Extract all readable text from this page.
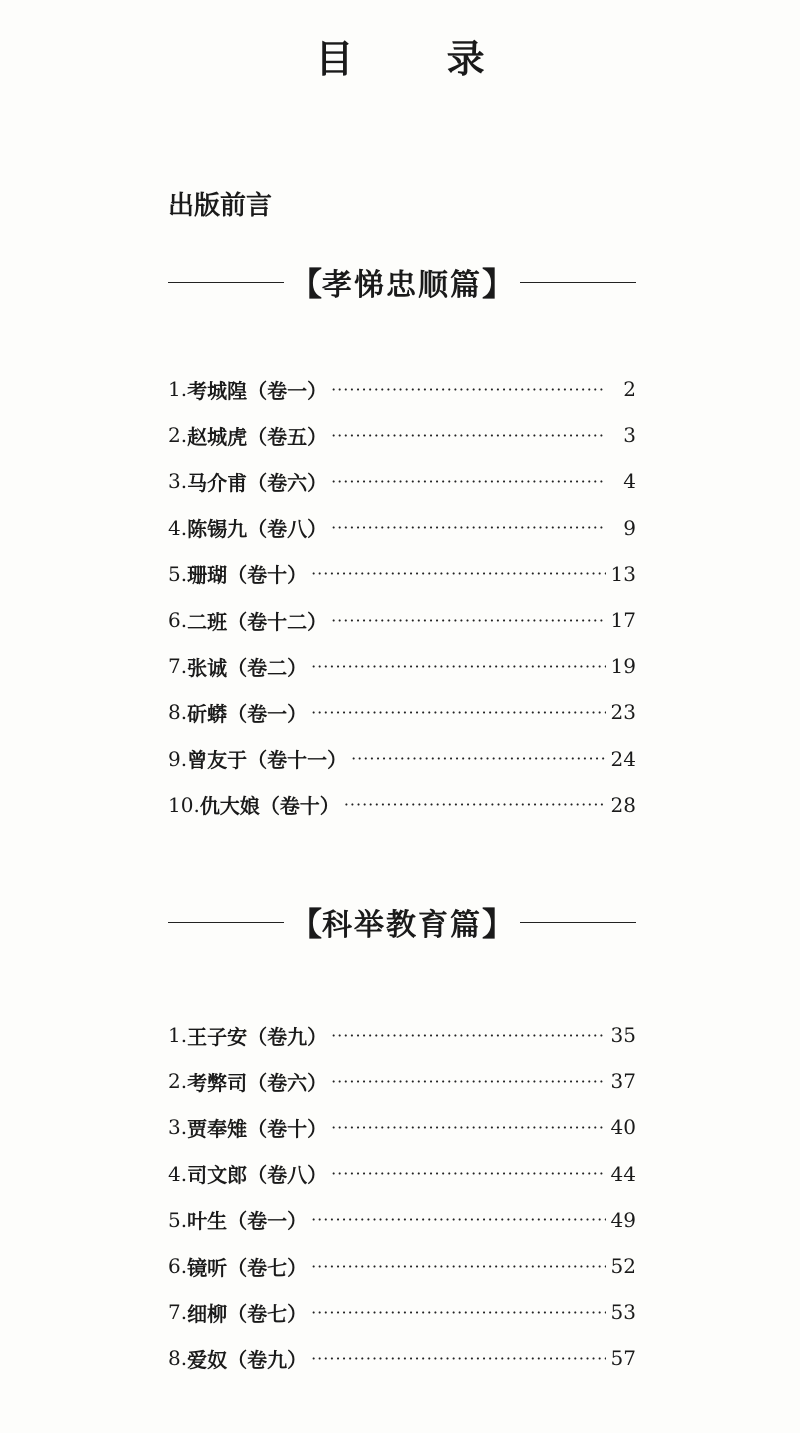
目 录
出版前言
【 孝悌忠顺篇 】
1. 考城隍 （卷一） ·····	2
2. 赵城虎 （卷五） ·····	3
3. 马介甫 （卷六） ·····	4
4. 陈锡九 （卷八） ·····	9
5. 珊瑚 （卷十） ·····	13
6. 二班 （卷十二） ·····	17
7. 张诚 （卷二） ·····	19
8. 斫蟒 （卷一） ·····	23
9. 曾友于 （卷十一） ·····	24
10. 仇大娘 （卷十） ·····	28
【 科举教育篇 】
1. 王子安 （卷九） ·····	35
2. 考弊司 （卷六） ·····	37
3. 贾奉雉 （卷十） ·····	40
4. 司文郎 （卷八） ·····	44
5. 叶生 （卷一） ·····	49
6. 镜听 （卷七） ·····	52
7. 细柳 （卷七） ·····	53
8. 爱奴 （卷九） ·····	57
